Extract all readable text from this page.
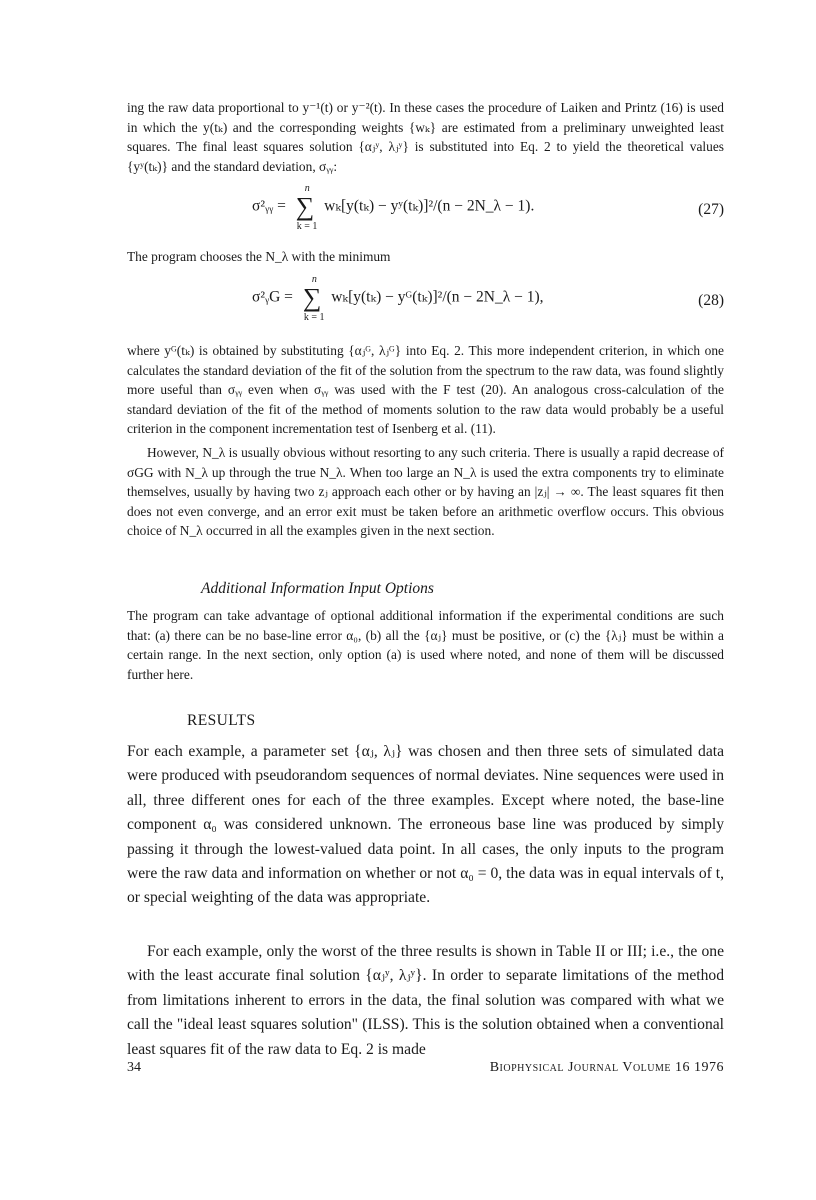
ing the raw data proportional to y⁻¹(t) or y⁻²(t). In these cases the procedure of Laiken and Printz (16) is used in which the y(tₖ) and the corresponding weights {wₖ} are estimated from a preliminary unweighted least squares. The final least squares solution {αⱼʸ, λⱼʸ} is substituted into Eq. 2 to yield the theoretical values {yʸ(tₖ)} and the standard deviation, σᵧᵧ:

σ²ᵧᵧ = ∑
n
k = 1
wₖ[y(tₖ) − yʸ(tₖ)]²/(n − 2N_λ − 1).	(27)

The program chooses the N_λ with the minimum

σ²ᵧG = ∑
n
k = 1
wₖ[y(tₖ) − yᴳ(tₖ)]²/(n − 2N_λ − 1),	(28)

where yᴳ(tₖ) is obtained by substituting {αⱼᴳ, λⱼᴳ} into Eq. 2. This more independent criterion, in which one calculates the standard deviation of the fit of the solution from the spectrum to the raw data, was found slightly more useful than σᵧᵧ even when σᵧᵧ was used with the F test (20). An analogous cross-calculation of the standard deviation of the fit of the method of moments solution to the raw data would probably be a useful criterion in the component incrementation test of Isenberg et al. (11).

However, N_λ is usually obvious without resorting to any such criteria. There is usually a rapid decrease of σGG with N_λ up through the true N_λ. When too large an N_λ is used the extra components try to eliminate themselves, usually by having two zⱼ approach each other or by having an |zⱼ| → ∞. The least squares fit then does not even converge, and an error exit must be taken before an arithmetic overflow occurs. This obvious choice of N_λ occurred in all the examples given in the next section.

Additional Information Input Options

The program can take advantage of optional additional information if the experimental conditions are such that: (a) there can be no base-line error α₀, (b) all the {αⱼ} must be positive, or (c) the {λⱼ} must be within a certain range. In the next section, only option (a) is used where noted, and none of them will be discussed further here.

RESULTS

For each example, a parameter set {αⱼ, λⱼ} was chosen and then three sets of simulated data were produced with pseudorandom sequences of normal deviates. Nine sequences were used in all, three different ones for each of the three examples. Except where noted, the base-line component α₀ was considered unknown. The erroneous base line was produced by simply passing it through the lowest-valued data point. In all cases, the only inputs to the program were the raw data and information on whether or not α₀ = 0, the data was in equal intervals of t, or special weighting of the data was appropriate.

For each example, only the worst of the three results is shown in Table II or III; i.e., the one with the least accurate final solution {αⱼʸ, λⱼʸ}. In order to separate limitations of the method from limitations inherent to errors in the data, the final solution was compared with what we call the "ideal least squares solution" (ILSS). This is the solution obtained when a conventional least squares fit of the raw data to Eq. 2 is made

34	Biophysical Journal Volume 16 1976
